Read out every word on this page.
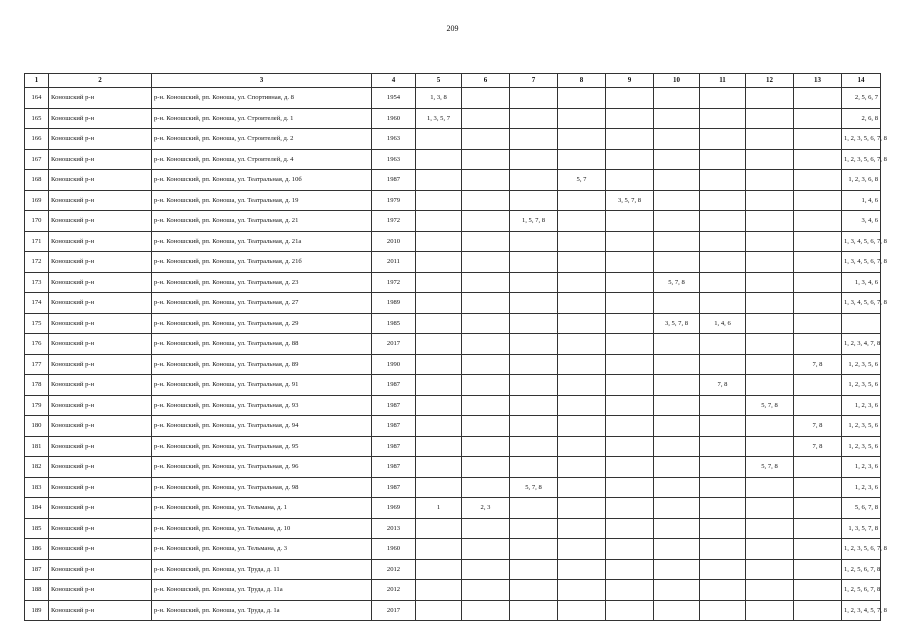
209
1	2	3	4	5	6	7	8	9	10	11	12	13	14
164	Коношский р-н	р-н. Коношский, рп. Коноша, ул. Спортивная, д. 8	1954	1, 3, 8									2, 5, 6, 7
165	Коношский р-н	р-н. Коношский, рп. Коноша, ул. Строителей, д. 1	1960	1, 3, 5, 7									2, 6, 8
166	Коношский р-н	р-н. Коношский, рп. Коноша, ул. Строителей, д. 2	1963										1, 2, 3, 5, 6, 7, 8
167	Коношский р-н	р-н. Коношский, рп. Коноша, ул. Строителей, д. 4	1963										1, 2, 3, 5, 6, 7, 8
168	Коношский р-н	р-н. Коношский, рп. Коноша, ул. Театральная, д. 10б	1987				5, 7						1, 2, 3, 6, 8
169	Коношский р-н	р-н. Коношский, рп. Коноша, ул. Театральная, д. 19	1979					3, 5, 7, 8					1, 4, 6
170	Коношский р-н	р-н. Коношский, рп. Коноша, ул. Театральная, д. 21	1972			1, 5, 7, 8							3, 4, 6
171	Коношский р-н	р-н. Коношский, рп. Коноша, ул. Театральная, д. 21а	2010										1, 3, 4, 5, 6, 7, 8
172	Коношский р-н	р-н. Коношский, рп. Коноша, ул. Театральная, д. 21б	2011										1, 3, 4, 5, 6, 7, 8
173	Коношский р-н	р-н. Коношский, рп. Коноша, ул. Театральная, д. 23	1972						5, 7, 8				1, 3, 4, 6
174	Коношский р-н	р-н. Коношский, рп. Коноша, ул. Театральная, д. 27	1989										1, 3, 4, 5, 6, 7, 8
175	Коношский р-н	р-н. Коношский, рп. Коноша, ул. Театральная, д. 29	1985						3, 5, 7, 8	1, 4, 6			
176	Коношский р-н	р-н. Коношский, рп. Коноша, ул. Театральная, д. 88	2017										1, 2, 3, 4, 7, 8
177	Коношский р-н	р-н. Коношский, рп. Коноша, ул. Театральная, д. 89	1990									7, 8	1, 2, 3, 5, 6
178	Коношский р-н	р-н. Коношский, рп. Коноша, ул. Театральная, д. 91	1987							7, 8			1, 2, 3, 5, 6
179	Коношский р-н	р-н. Коношский, рп. Коноша, ул. Театральная, д. 93	1987								5, 7, 8		1, 2, 3, 6
180	Коношский р-н	р-н. Коношский, рп. Коноша, ул. Театральная, д. 94	1987									7, 8	1, 2, 3, 5, 6
181	Коношский р-н	р-н. Коношский, рп. Коноша, ул. Театральная, д. 95	1987									7, 8	1, 2, 3, 5, 6
182	Коношский р-н	р-н. Коношский, рп. Коноша, ул. Театральная, д. 96	1987								5, 7, 8		1, 2, 3, 6
183	Коношский р-н	р-н. Коношский, рп. Коноша, ул. Театральная, д. 98	1987			5, 7, 8							1, 2, 3, 6
184	Коношский р-н	р-н. Коношский, рп. Коноша, ул. Тельмана, д. 1	1969	1	2, 3								5, 6, 7, 8
185	Коношский р-н	р-н. Коношский, рп. Коноша, ул. Тельмана, д. 10	2013										1, 3, 5, 7, 8
186	Коношский р-н	р-н. Коношский, рп. Коноша, ул. Тельмана, д. 3	1960										1, 2, 3, 5, 6, 7, 8
187	Коношский р-н	р-н. Коношский, рп. Коноша, ул. Труда, д. 11	2012										1, 2, 5, 6, 7, 8
188	Коношский р-н	р-н. Коношский, рп. Коноша, ул. Труда, д. 11а	2012										1, 2, 5, 6, 7, 8
189	Коношский р-н	р-н. Коношский, рп. Коноша, ул. Труда, д. 1а	2017										1, 2, 3, 4, 5, 7, 8
